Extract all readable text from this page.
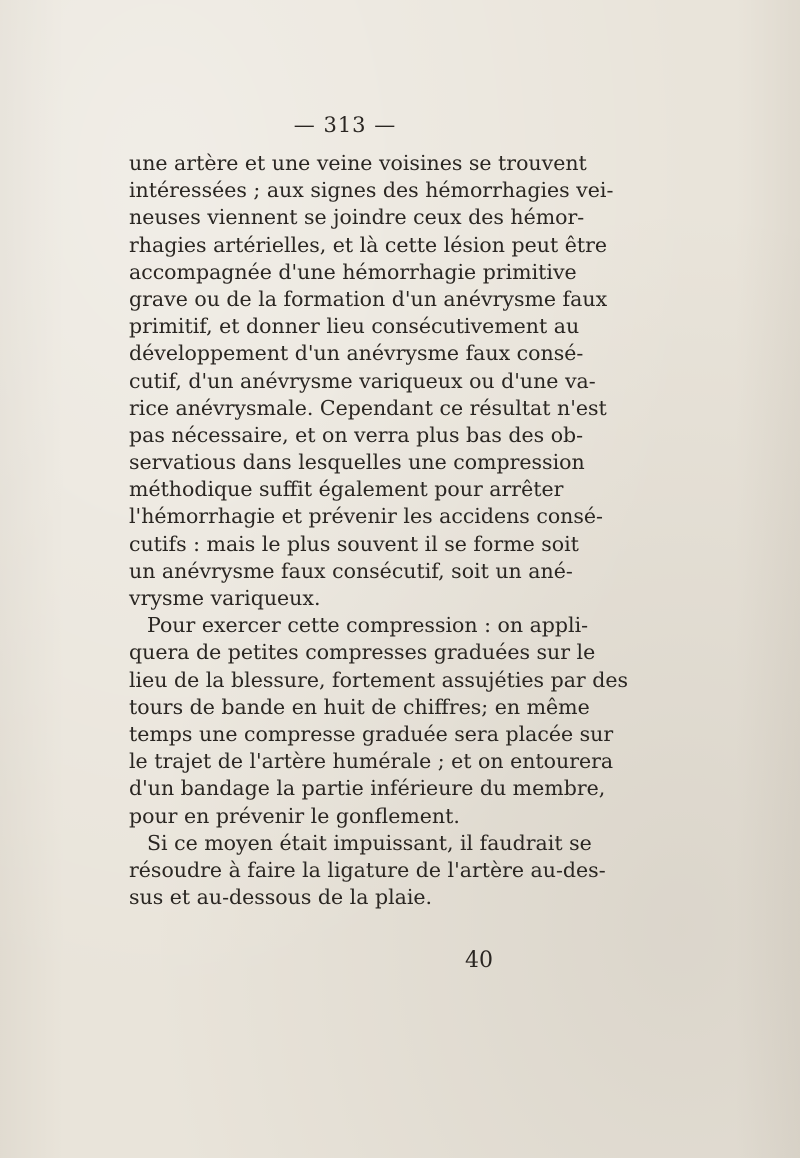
— 313 —
une artère et une veine voisines se trouvent
intéressées ; aux signes des hémorrhagies vei-
neuses viennent se joindre ceux des hémor-
rhagies artérielles, et là cette lésion peut être
accompagnée d'une hémorrhagie primitive
grave ou de la formation d'un anévrysme faux
primitif, et donner lieu consécutivement au
développement d'un anévrysme faux consé-
cutif, d'un anévrysme variqueux ou d'une va-
rice anévrysmale. Cependant ce résultat n'est
pas nécessaire, et on verra plus bas des ob-
servatious dans lesquelles une compression
méthodique suffit également pour arrêter
l'hémorrhagie et prévenir les accidens consé-
cutifs : mais le plus souvent il se forme soit
un anévrysme faux consécutif, soit un ané-
vrysme variqueux.
Pour exercer cette compression : on appli-
quera de petites compresses graduées sur le
lieu de la blessure, fortement assujéties par des
tours de bande en huit de chiffres; en même
temps une compresse graduée sera placée sur
le trajet de l'artère humérale ; et on entourera
d'un bandage la partie inférieure du membre,
pour en prévenir le gonflement.
Si ce moyen était impuissant, il faudrait se
résoudre à faire la ligature de l'artère au-des-
sus et au-dessous de la plaie.
40
